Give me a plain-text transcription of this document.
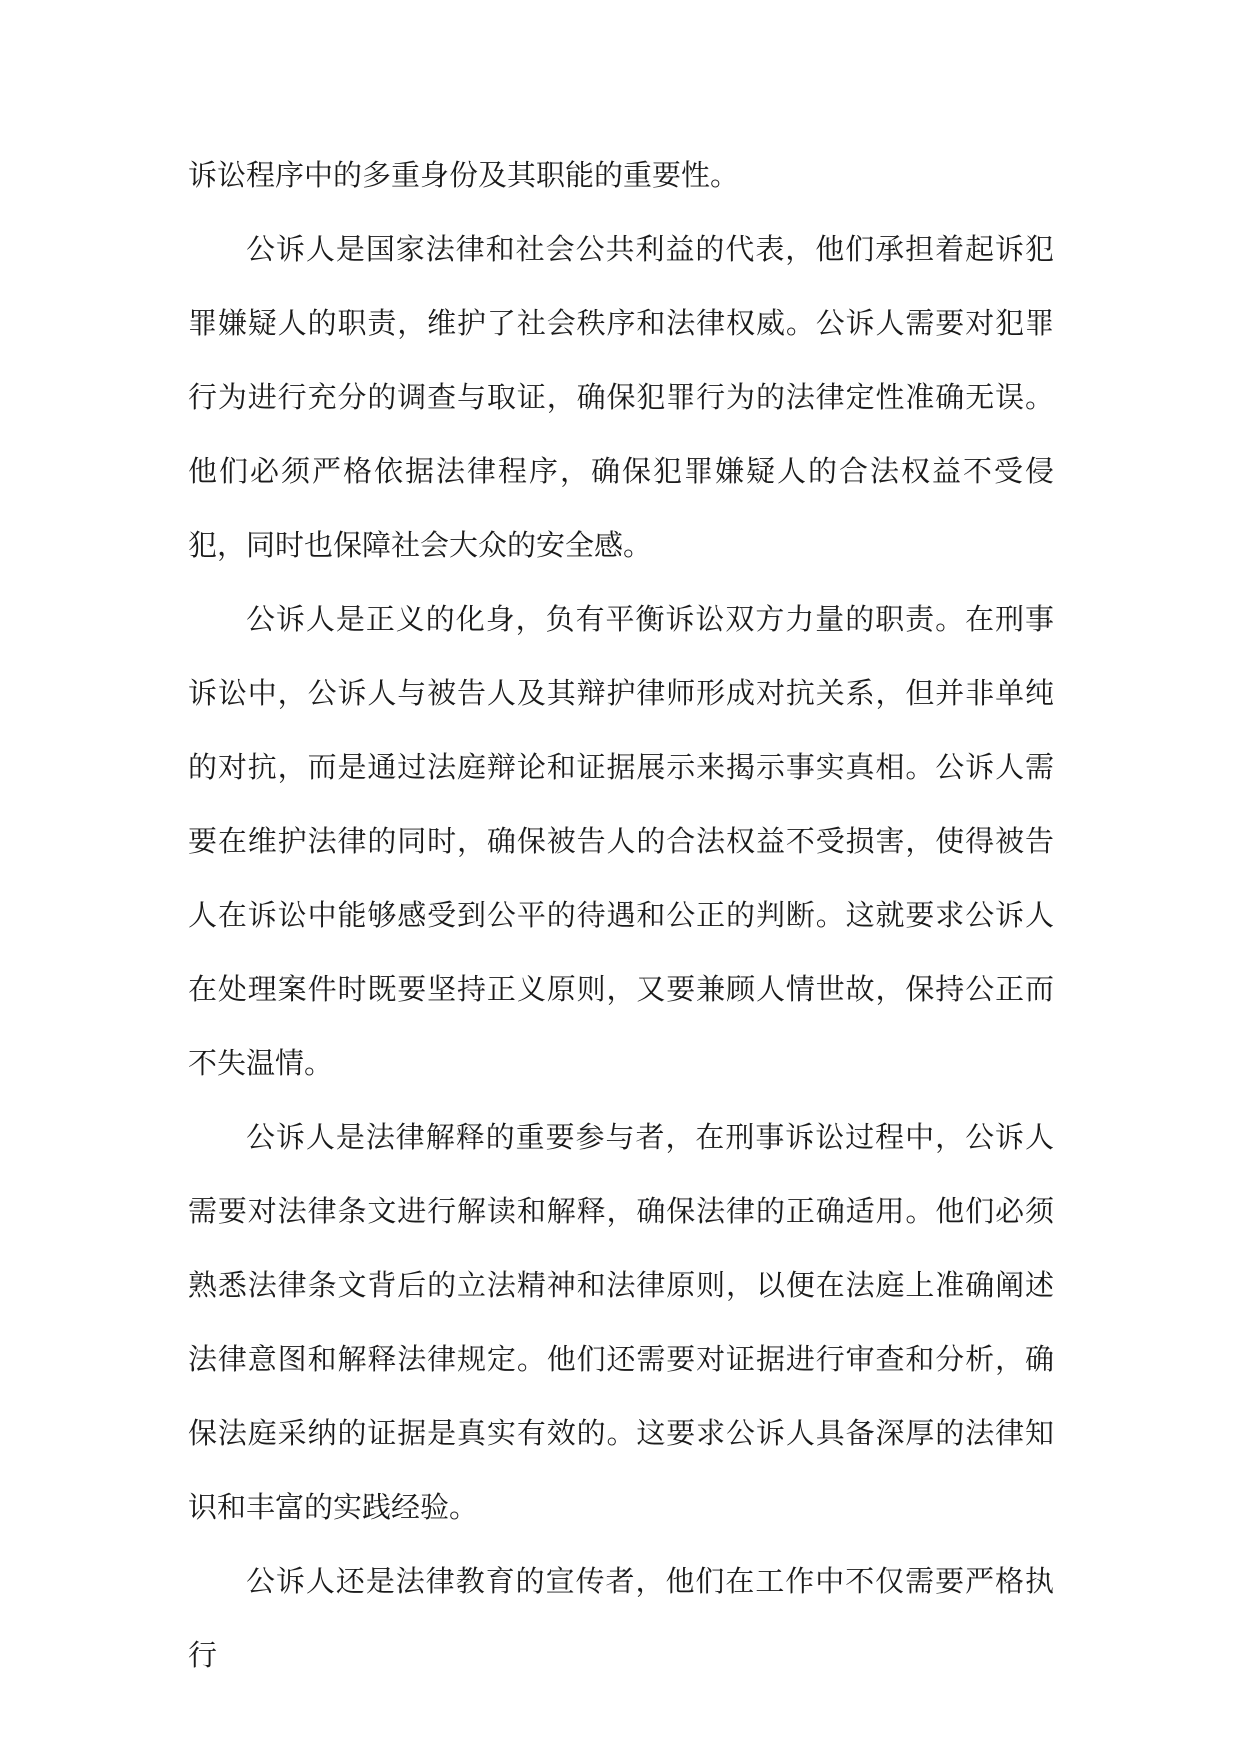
诉讼程序中的多重身份及其职能的重要性。

公诉人是国家法律和社会公共利益的代表，他们承担着起诉犯罪嫌疑人的职责，维护了社会秩序和法律权威。公诉人需要对犯罪行为进行充分的调查与取证，确保犯罪行为的法律定性准确无误。他们必须严格依据法律程序，确保犯罪嫌疑人的合法权益不受侵犯，同时也保障社会大众的安全感。

公诉人是正义的化身，负有平衡诉讼双方力量的职责。在刑事诉讼中，公诉人与被告人及其辩护律师形成对抗关系，但并非单纯的对抗，而是通过法庭辩论和证据展示来揭示事实真相。公诉人需要在维护法律的同时，确保被告人的合法权益不受损害，使得被告人在诉讼中能够感受到公平的待遇和公正的判断。这就要求公诉人在处理案件时既要坚持正义原则，又要兼顾人情世故，保持公正而不失温情。

公诉人是法律解释的重要参与者，在刑事诉讼过程中，公诉人需要对法律条文进行解读和解释，确保法律的正确适用。他们必须熟悉法律条文背后的立法精神和法律原则，以便在法庭上准确阐述法律意图和解释法律规定。他们还需要对证据进行审查和分析，确保法庭采纳的证据是真实有效的。这要求公诉人具备深厚的法律知识和丰富的实践经验。

公诉人还是法律教育的宣传者，他们在工作中不仅需要严格执行
